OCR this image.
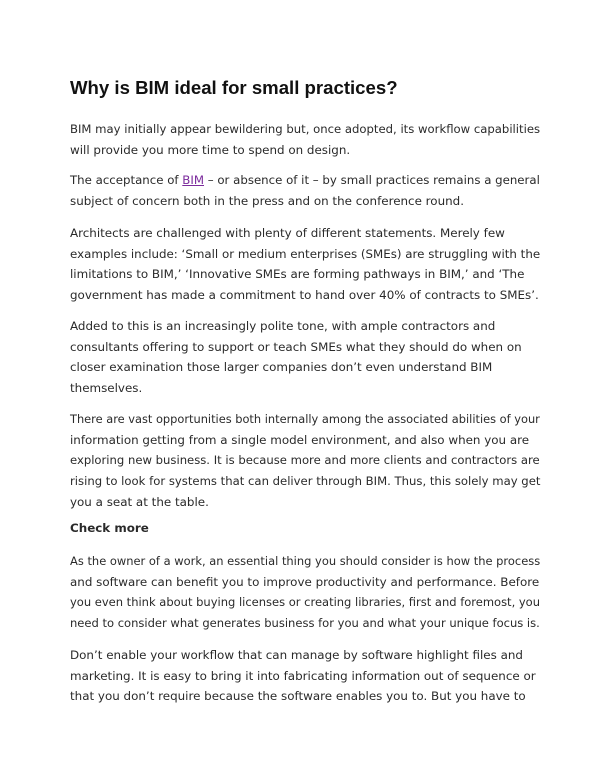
Why is BIM ideal for small practices?

BIM may initially appear bewildering but, once adopted, its workflow capabilities
will provide you more time to spend on design.

The acceptance of BIM – or absence of it – by small practices remains a general
subject of concern both in the press and on the conference round.

Architects are challenged with plenty of different statements. Merely few
examples include: ‘Small or medium enterprises (SMEs) are struggling with the
limitations to BIM,’ ‘Innovative SMEs are forming pathways in BIM,’ and ‘The
government has made a commitment to hand over 40% of contracts to SMEs’.

Added to this is an increasingly polite tone, with ample contractors and
consultants offering to support or teach SMEs what they should do when on
closer examination those larger companies don’t even understand BIM
themselves.

There are vast opportunities both internally among the associated abilities of your
information getting from a single model environment, and also when you are
exploring new business. It is because more and more clients and contractors are
rising to look for systems that can deliver through BIM. Thus, this solely may get
you a seat at the table.

Check more

As the owner of a work, an essential thing you should consider is how the process
and software can benefit you to improve productivity and performance. Before
you even think about buying licenses or creating libraries, first and foremost, you
need to consider what generates business for you and what your unique focus is.

Don’t enable your workflow that can manage by software highlight files and
marketing. It is easy to bring it into fabricating information out of sequence or
that you don’t require because the software enables you to. But you have to
